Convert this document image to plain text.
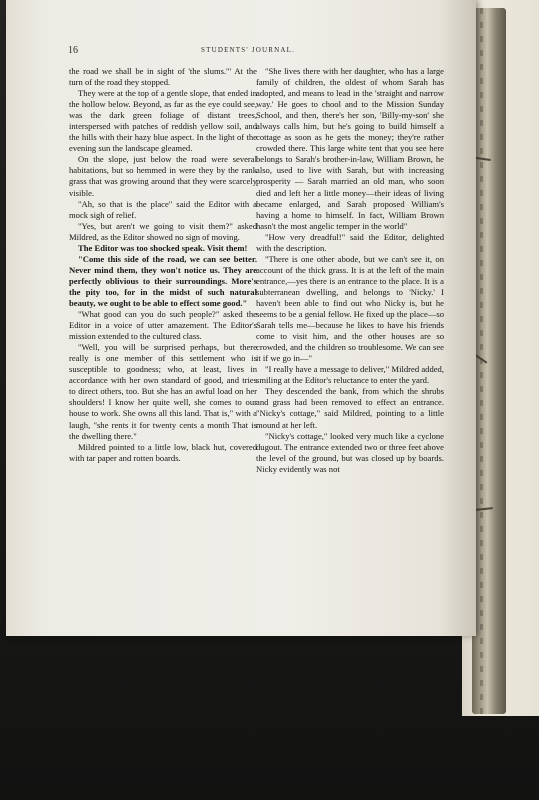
16	STUDENTS' JOURNAL.

the road we shall be in sight of 'the slums.'" At the turn of the road they stopped.

They were at the top of a gentle slope, that ended in the hollow below. Beyond, as far as the eye could see, was the dark green foliage of distant trees, interspersed with patches of reddish yellow soil, and the hills with their hazy blue aspect. In the light of the evening sun the landscape gleamed.

On the slope, just below the road were several habitations, but so hemmed in were they by the rank grass that was growing around that they were scarcely visible.

"Ah, so that is the place" said the Editor with a mock sigh of relief.

"Yes, but aren't we going to visit them?" asked Mildred, as the Editor showed no sign of moving.

The Editor was too shocked speak. Visit them!

"Come this side of the road, we can see better. Never mind them, they won't notice us. They are perfectly oblivious to their surroundings. More's the pity too, for in the midst of such natural beauty, we ought to be able to effect some good."

"What good can you do such people?" asked the Editor in a voice of utter amazement. The Editor's mission extended to the cultured class.

"Well, you will be surprised perhaps, but there really is one member of this settlement who is susceptible to goodness; who, at least, lives in accordance with her own standard of good, and tries to direct others, too. But she has an awful load on her shoulders! I know her quite well, she comes to our house to work. She owns all this land. That is," with a laugh, "she rents it for twenty cents a month That is the dwelling there."

Mildred pointed to a little low, black hut, covered with tar paper and rotten boards.

"She lives there with her daughter, who has a large family of children, the oldest of whom Sarah has adopted, and means to lead in the 'straight and narrow way.' He goes to chool and to the Mission Sunday School, and then, there's her son, 'Billy-my-son' she always calls him, but he's going to build himself a cottage as soon as he gets the money; they're rather crowded there. This large white tent that you see here belongs to Sarah's brother-in-law, William Brown, he also, used to live with Sarah, but with increasing prosperity — Sarah married an old man, who soon died and left her a little money—their ideas of living became enlarged, and Sarah proposed William's having a home to himself. In fact, William Brown hasn't the most angelic temper in the world"

"How very dreadful!" said the Editor, delighted with the description.

"There is one other abode, but we can't see it, on account of the thick grass. It is at the left of the main entrance,—yes there is an entrance to the place. It is a subterranean dwelling, and belongs to 'Nicky.' I haven't been able to find out who Nicky is, but he seems to be a genial fellow. He fixed up the place—so Sarah tells me—because he likes to have his friends come to visit him, and the other houses are so crowded, and the children so troublesome. We can see it if we go in—"

"I really have a message to deliver," Mildred added, smiling at the Editor's reluctance to enter the yard.

They descended the bank, from which the shrubs and grass had been removed to effect an entrance. "Nicky's cottage," said Mildred, pointing to a little mound at her left.

"Nicky's cottage," looked very much like a cyclone dugout. The entrance extended two or three feet above the level of the ground, but was closed up by boards. Nicky evidently was not
